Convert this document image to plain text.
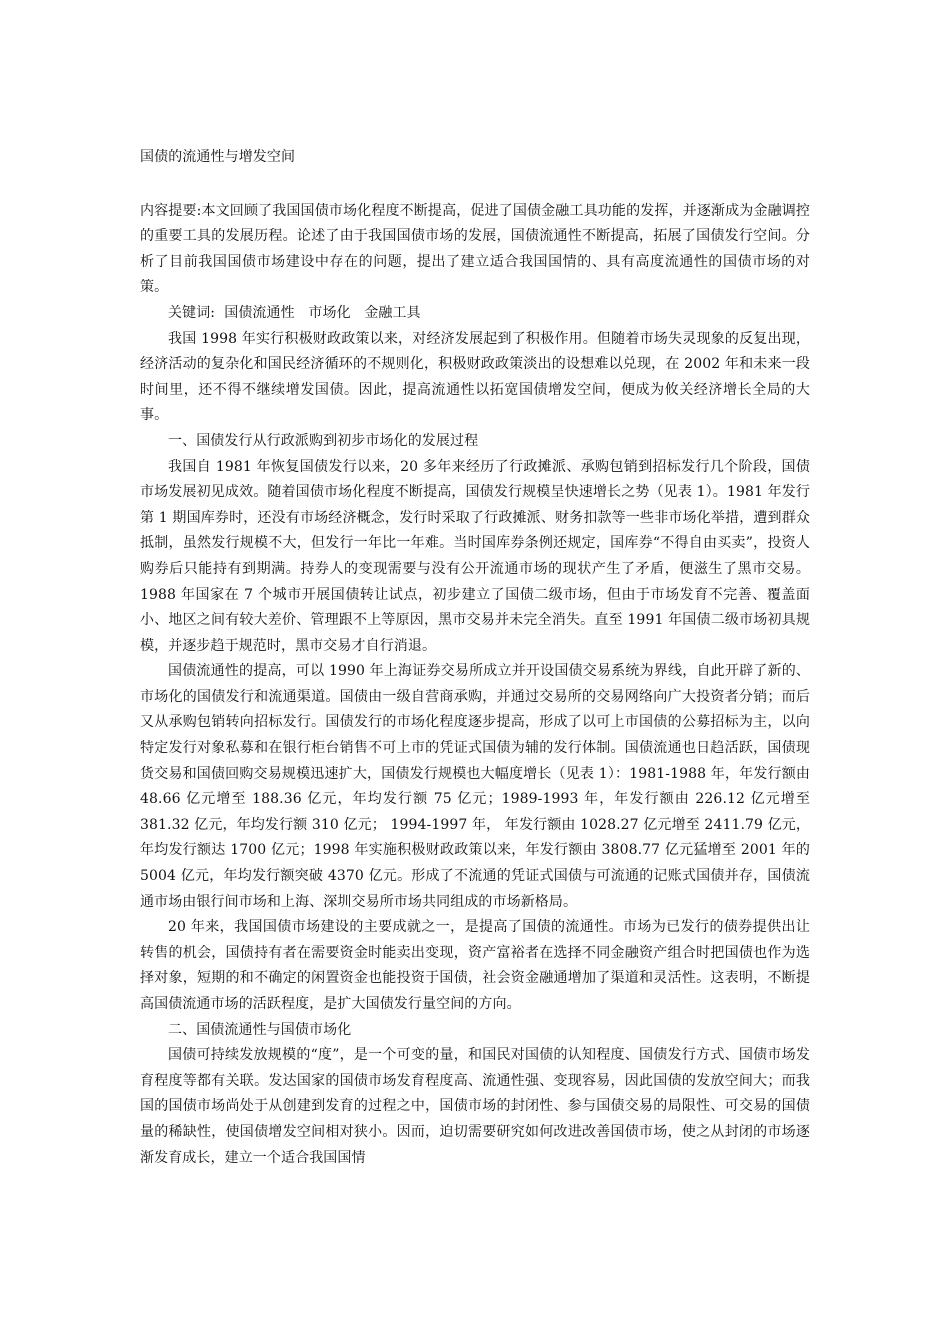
国债的流通性与增发空间

内容提要:本文回顾了我国国债市场化程度不断提高，促进了国债金融工具功能的发挥，并逐渐成为金融调控的重要工具的发展历程。论述了由于我国国债市场的发展，国债流通性不断提高，拓展了国债发行空间。分析了目前我国国债市场建设中存在的问题，提出了建立适合我国国情的、具有高度流通性的国债市场的对策。

关键词:  国债流通性   市场化   金融工具

我国 1998 年实行积极财政政策以来，对经济发展起到了积极作用。但随着市场失灵现象的反复出现，经济活动的复杂化和国民经济循环的不规则化，积极财政政策淡出的设想难以兑现，在 2002 年和未来一段时间里，还不得不继续增发国债。因此，提高流通性以拓宽国债增发空间，便成为攸关经济增长全局的大事。

一、国债发行从行政派购到初步市场化的发展过程

我国自 1981 年恢复国债发行以来，20 多年来经历了行政摊派、承购包销到招标发行几个阶段，国债市场发展初见成效。随着国债市场化程度不断提高，国债发行规模呈快速增长之势（见表 1）。1981 年发行第 1 期国库券时，还没有市场经济概念，发行时采取了行政摊派、财务扣款等一些非市场化举措，遭到群众抵制，虽然发行规模不大，但发行一年比一年难。当时国库券条例还规定，国库券“不得自由买卖”，投资人购券后只能持有到期满。持券人的变现需要与没有公开流通市场的现状产生了矛盾，便滋生了黑市交易。1988 年国家在 7 个城市开展国债转让试点，初步建立了国债二级市场，但由于市场发育不完善、覆盖面小、地区之间有较大差价、管理跟不上等原因，黑市交易并未完全消失。直至 1991 年国债二级市场初具规模，并逐步趋于规范时，黑市交易才自行消退。

国债流通性的提高，可以 1990 年上海证券交易所成立并开设国债交易系统为界线，自此开辟了新的、市场化的国债发行和流通渠道。国债由一级自营商承购，并通过交易所的交易网络向广大投资者分销；而后又从承购包销转向招标发行。国债发行的市场化程度逐步提高，形成了以可上市国债的公募招标为主，以向特定发行对象私募和在银行柜台销售不可上市的凭证式国债为辅的发行体制。国债流通也日趋活跃，国债现货交易和国债回购交易规模迅速扩大，国债发行规模也大幅度增长（见表 1）：1981-1988 年，年发行额由 48.66 亿元增至 188.36 亿元，年均发行额 75 亿元；1989-1993 年，年发行额由 226.12 亿元增至 381.32 亿元，年均发行额 310 亿元； 1994-1997 年， 年发行额由 1028.27 亿元增至 2411.79 亿元， 年均发行额达 1700 亿元；1998 年实施积极财政政策以来，年发行额由 3808.77 亿元猛增至 2001 年的 5004 亿元，年均发行额突破 4370 亿元。形成了不流通的凭证式国债与可流通的记账式国债并存，国债流通市场由银行间市场和上海、深圳交易所市场共同组成的市场新格局。

20 年来，我国国债市场建设的主要成就之一，是提高了国债的流通性。市场为已发行的债券提供出让转售的机会，国债持有者在需要资金时能卖出变现，资产富裕者在选择不同金融资产组合时把国债也作为选择对象，短期的和不确定的闲置资金也能投资于国债，社会资金融通增加了渠道和灵活性。这表明，不断提高国债流通市场的活跃程度，是扩大国债发行量空间的方向。

二、国债流通性与国债市场化

国债可持续发放规模的“度”，是一个可变的量，和国民对国债的认知程度、国债发行方式、国债市场发育程度等都有关联。发达国家的国债市场发育程度高、流通性强、变现容易，因此国债的发放空间大；而我国的国债市场尚处于从创建到发育的过程之中，国债市场的封闭性、参与国债交易的局限性、可交易的国债量的稀缺性，使国债增发空间相对狭小。因而，迫切需要研究如何改进改善国债市场，使之从封闭的市场逐渐发育成长，建立一个适合我国国情
